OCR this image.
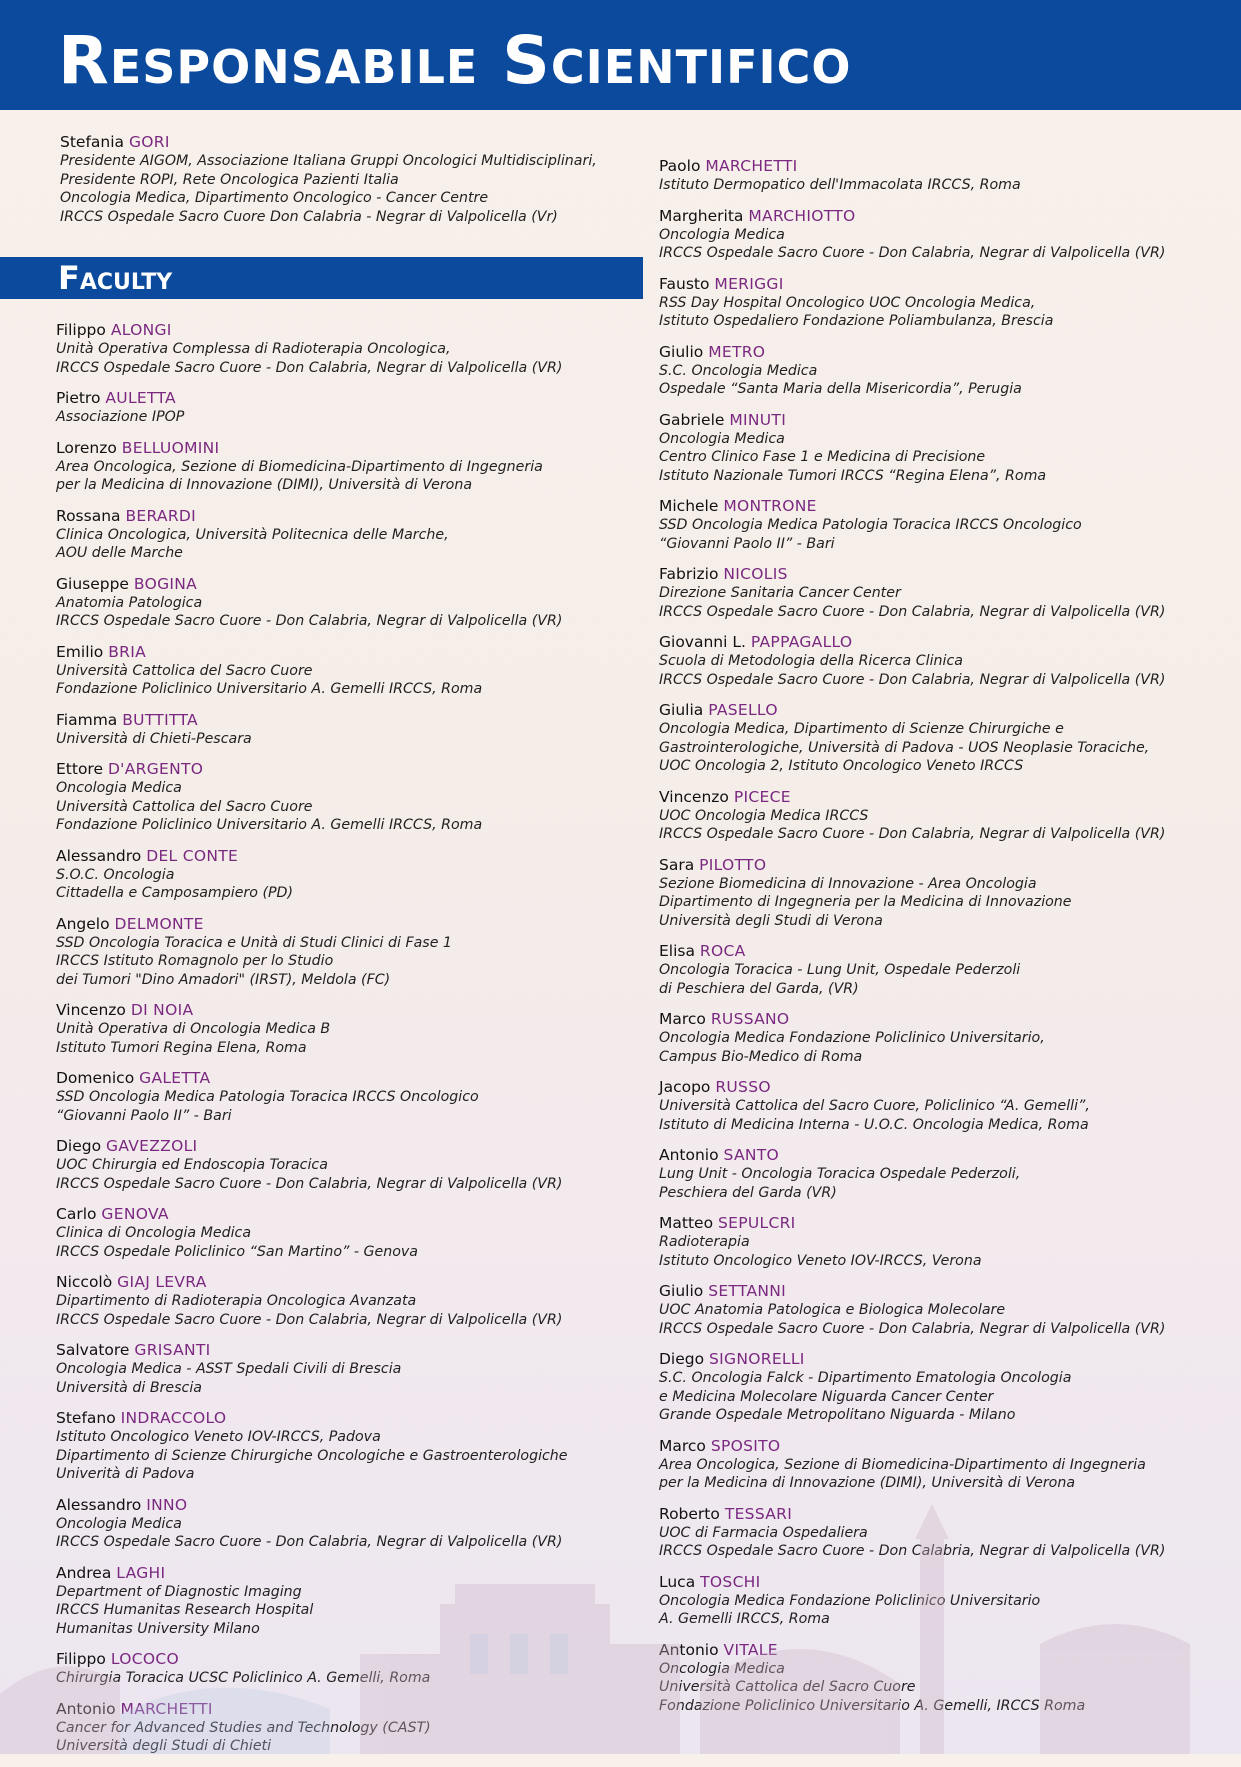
Responsabile Scientifico
Stefania GORI
Presidente AIGOM, Associazione Italiana Gruppi Oncologici Multidisciplinari,
Presidente ROPI, Rete Oncologica Pazienti Italia
Oncologia Medica, Dipartimento Oncologico - Cancer Centre
IRCCS Ospedale Sacro Cuore Don Calabria - Negrar di Valpolicella (Vr)
Faculty
Filippo ALONGI
Unità Operativa Complessa di Radioterapia Oncologica,
IRCCS Ospedale Sacro Cuore - Don Calabria, Negrar di Valpolicella (VR)
Pietro AULETTA
Associazione IPOP
Lorenzo BELLUOMINI
Area Oncologica, Sezione di Biomedicina-Dipartimento di Ingegneria
per la Medicina di Innovazione (DIMI), Università di Verona
Rossana BERARDI
Clinica Oncologica, Università Politecnica delle Marche,
AOU delle Marche
Giuseppe BOGINA
Anatomia Patologica
IRCCS Ospedale Sacro Cuore - Don Calabria, Negrar di Valpolicella (VR)
Emilio BRIA
Università Cattolica del Sacro Cuore
Fondazione Policlinico Universitario A. Gemelli IRCCS, Roma
Fiamma BUTTITTA
Università di Chieti-Pescara
Ettore D'ARGENTO
Oncologia Medica
Università Cattolica del Sacro Cuore
Fondazione Policlinico Universitario A. Gemelli IRCCS, Roma
Alessandro DEL CONTE
S.O.C. Oncologia
Cittadella e Camposampiero (PD)
Angelo DELMONTE
SSD Oncologia Toracica e Unità di Studi Clinici di Fase 1
IRCCS Istituto Romagnolo per lo Studio
dei Tumori "Dino Amadori" (IRST), Meldola (FC)
Vincenzo DI NOIA
Unità Operativa di Oncologia Medica B
Istituto Tumori Regina Elena, Roma
Domenico GALETTA
SSD Oncologia Medica Patologia Toracica IRCCS Oncologico
“Giovanni Paolo II” - Bari
Diego GAVEZZOLI
UOC Chirurgia ed Endoscopia Toracica
IRCCS Ospedale Sacro Cuore - Don Calabria, Negrar di Valpolicella (VR)
Carlo GENOVA
Clinica di Oncologia Medica
IRCCS Ospedale Policlinico “San Martino” - Genova
Niccolò GIAJ LEVRA
Dipartimento di Radioterapia Oncologica Avanzata
IRCCS Ospedale Sacro Cuore - Don Calabria, Negrar di Valpolicella (VR)
Salvatore GRISANTI
Oncologia Medica - ASST Spedali Civili di Brescia
Università di Brescia
Stefano INDRACCOLO
Istituto Oncologico Veneto IOV-IRCCS, Padova
Dipartimento di Scienze Chirurgiche Oncologiche e Gastroenterologiche
Univerità di Padova
Alessandro INNO
Oncologia Medica
IRCCS Ospedale Sacro Cuore - Don Calabria, Negrar di Valpolicella (VR)
Andrea LAGHI
Department of Diagnostic Imaging
IRCCS Humanitas Research Hospital
Humanitas University Milano
Filippo LOCOCO
Chirurgia Toracica UCSC Policlinico A. Gemelli, Roma
Antonio MARCHETTI
Cancer for Advanced Studies and Technology (CAST)
Università degli Studi di Chieti
Paolo MARCHETTI
Istituto Dermopatico dell'Immacolata IRCCS, Roma
Margherita MARCHIOTTO
Oncologia Medica
IRCCS Ospedale Sacro Cuore - Don Calabria, Negrar di Valpolicella (VR)
Fausto MERIGGI
RSS Day Hospital Oncologico UOC Oncologia Medica,
Istituto Ospedaliero Fondazione Poliambulanza, Brescia
Giulio METRO
S.C. Oncologia Medica
Ospedale “Santa Maria della Misericordia”, Perugia
Gabriele MINUTI
Oncologia Medica
Centro Clinico Fase 1 e Medicina di Precisione
Istituto Nazionale Tumori IRCCS “Regina Elena”, Roma
Michele MONTRONE
SSD Oncologia Medica Patologia Toracica IRCCS Oncologico
“Giovanni Paolo II” - Bari
Fabrizio NICOLIS
Direzione Sanitaria Cancer Center
IRCCS Ospedale Sacro Cuore - Don Calabria, Negrar di Valpolicella (VR)
Giovanni L. PAPPAGALLO
Scuola di Metodologia della Ricerca Clinica
IRCCS Ospedale Sacro Cuore - Don Calabria, Negrar di Valpolicella (VR)
Giulia PASELLO
Oncologia Medica, Dipartimento di Scienze Chirurgiche e
Gastrointerologiche, Università di Padova - UOS Neoplasie Toraciche,
UOC Oncologia 2, Istituto Oncologico Veneto IRCCS
Vincenzo PICECE
UOC Oncologia Medica IRCCS
IRCCS Ospedale Sacro Cuore - Don Calabria, Negrar di Valpolicella (VR)
Sara PILOTTO
Sezione Biomedicina di Innovazione - Area Oncologia
Dipartimento di Ingegneria per la Medicina di Innovazione
Università degli Studi di Verona
Elisa ROCA
Oncologia Toracica - Lung Unit, Ospedale Pederzoli
di Peschiera del Garda, (VR)
Marco RUSSANO
Oncologia Medica Fondazione Policlinico Universitario,
Campus Bio-Medico di Roma
Jacopo RUSSO
Università Cattolica del Sacro Cuore, Policlinico “A. Gemelli”,
Istituto di Medicina Interna - U.O.C. Oncologia Medica, Roma
Antonio SANTO
Lung Unit - Oncologia Toracica Ospedale Pederzoli,
Peschiera del Garda (VR)
Matteo SEPULCRI
Radioterapia
Istituto Oncologico Veneto IOV-IRCCS, Verona
Giulio SETTANNI
UOC Anatomia Patologica e Biologica Molecolare
IRCCS Ospedale Sacro Cuore - Don Calabria, Negrar di Valpolicella (VR)
Diego SIGNORELLI
S.C. Oncologia Falck - Dipartimento Ematologia Oncologia
e Medicina Molecolare Niguarda Cancer Center
Grande Ospedale Metropolitano Niguarda - Milano
Marco SPOSITO
Area Oncologica, Sezione di Biomedicina-Dipartimento di Ingegneria
per la Medicina di Innovazione (DIMI), Università di Verona
Roberto TESSARI
UOC di Farmacia Ospedaliera
IRCCS Ospedale Sacro Cuore - Don Calabria, Negrar di Valpolicella (VR)
Luca TOSCHI
Oncologia Medica Fondazione Policlinico Universitario
A. Gemelli IRCCS, Roma
Antonio VITALE
Oncologia Medica
Università Cattolica del Sacro Cuore
Fondazione Policlinico Universitario A. Gemelli, IRCCS Roma
